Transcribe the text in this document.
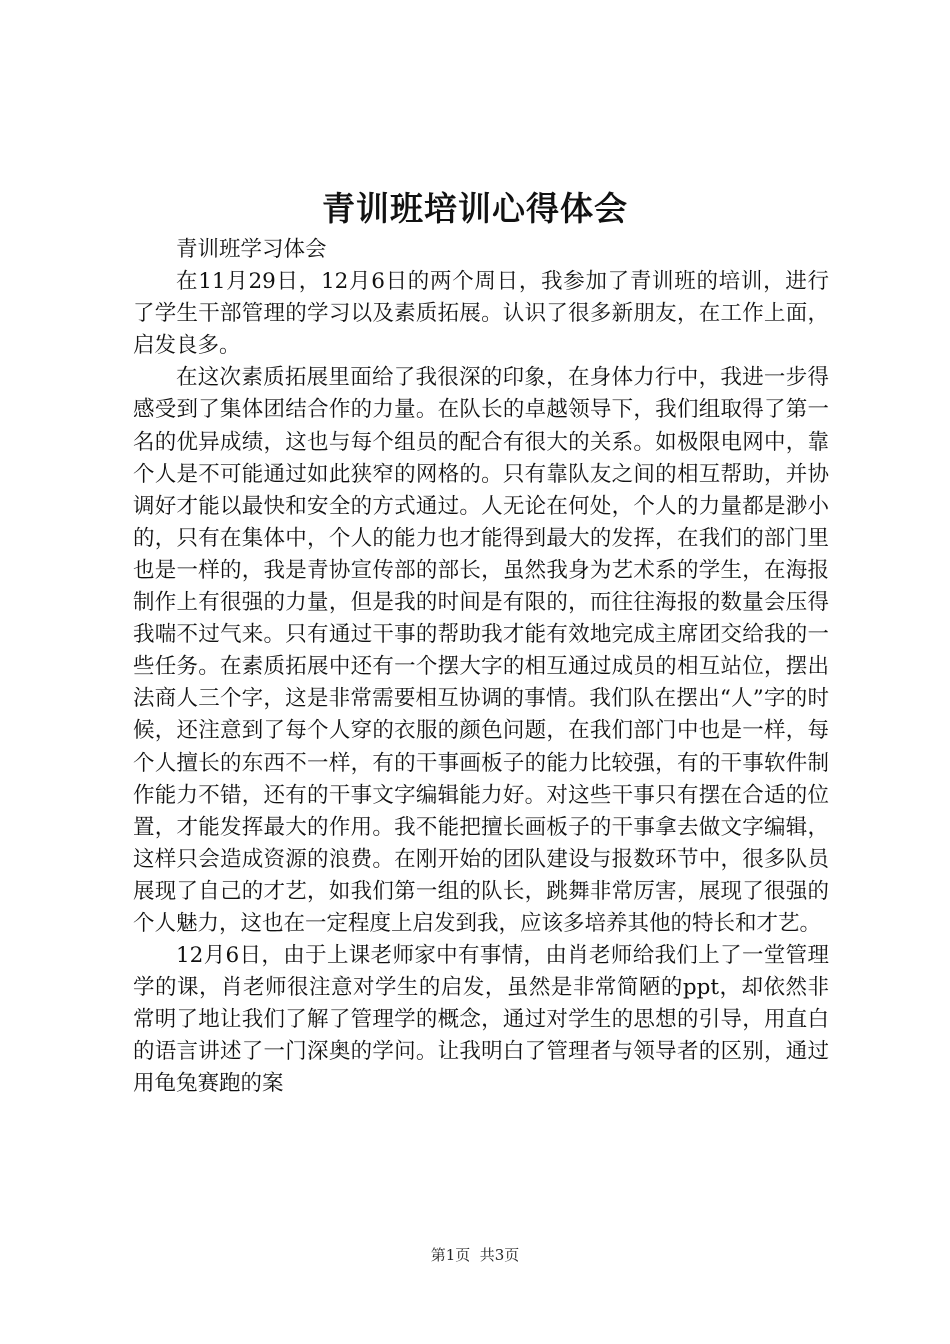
青训班培训心得体会

青训班学习体会

在11月29日，12月6日的两个周日，我参加了青训班的培训，进行了学生干部管理的学习以及素质拓展。认识了很多新朋友，在工作上面，启发良多。

在这次素质拓展里面给了我很深的印象，在身体力行中，我进一步得感受到了集体团结合作的力量。在队长的卓越领导下，我们组取得了第一名的优异成绩，这也与每个组员的配合有很大的关系。如极限电网中，靠个人是不可能通过如此狭窄的网格的。只有靠队友之间的相互帮助，并协调好才能以最快和安全的方式通过。人无论在何处，个人的力量都是渺小的，只有在集体中，个人的能力也才能得到最大的发挥，在我们的部门里也是一样的，我是青协宣传部的部长，虽然我身为艺术系的学生，在海报制作上有很强的力量，但是我的时间是有限的，而往往海报的数量会压得我喘不过气来。只有通过干事的帮助我才能有效地完成主席团交给我的一些任务。在素质拓展中还有一个摆大字的相互通过成员的相互站位，摆出法商人三个字，这是非常需要相互协调的事情。我们队在摆出“人”字的时候，还注意到了每个人穿的衣服的颜色问题，在我们部门中也是一样，每个人擅长的东西不一样，有的干事画板子的能力比较强，有的干事软件制作能力不错，还有的干事文字编辑能力好。对这些干事只有摆在合适的位置，才能发挥最大的作用。我不能把擅长画板子的干事拿去做文字编辑，这样只会造成资源的浪费。在刚开始的团队建设与报数环节中，很多队员展现了自己的才艺，如我们第一组的队长，跳舞非常厉害，展现了很强的个人魅力，这也在一定程度上启发到我，应该多培养其他的特长和才艺。

12月6日，由于上课老师家中有事情，由肖老师给我们上了一堂管理学的课，肖老师很注意对学生的启发，虽然是非常简陋的ppt，却依然非常明了地让我们了解了管理学的概念，通过对学生的思想的引导，用直白的语言讲述了一门深奥的学问。让我明白了管理者与领导者的区别，通过用龟兔赛跑的案

第1页  共3页
